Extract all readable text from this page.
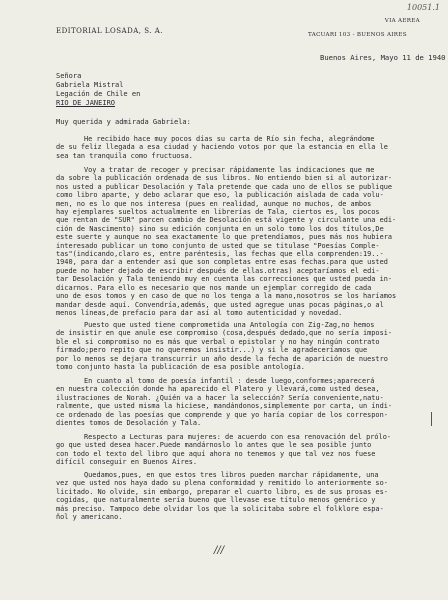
10051.1
EDITORIAL LOSADA, S. A.
VIA AEREA
TACUARI 103 - BUENOS AIRES
Buenos Aires, Mayo 11 de 1940
Señora
Gabriela Mistral
Legación de Chile en
RIO DE JANEIRO
Muy querida y admirada Gabriela:
He recibido hace muy pocos días su carta de Río sin fecha, alegrándome
de su feliz llegada a esa ciudad y haciendo votos por que la estancia en ella le
sea tan tranquila como fructuosa.
Voy a tratar de recoger y precisar rápidamente las indicaciones que me
da sobre la publicación ordenada de sus libros. No entiendo bien si al autorizar-
nos usted a publicar Desolación y Tala pretende que cada uno de ellos se publique
como libro aparte, y debo aclarar que eso, la publicación aislada de cada volu-
men, no es lo que nos interesa (pues en realidad, aunque no muchos, de ambos
hay ejemplares sueltos actualmente en librerías de Tala, ciertos es, los pocos
que rentan de "SUR" parcen cambio de Desolación está vigente y circulante una edi-
ción de Nascimento) sino su edición conjunta en un solo tomo los dos títulos,De
este suerte y aunque no sea exactamente lo que pretendíamos, pues más nos hubiera
interesado publicar un tomo conjunto de usted que se titulase "Poesías Comple-
tas"(indicando,claro es, entre paréntesis, las fechas que ella comprenden:19..-
1940, para dar a entender así que son completas entre esas fechas.para que usted
puede no haber dejado de escribir después de ellas.otras) aceptaríamos el edi-
tar Desolación y Tala teniendo muy en cuenta las correcciones que usted pueda in-
dicarnos. Para ello es necesario que nos mande un ejemplar corregido de cada
uno de esos tomos y en caso de que no los tenga a la mano,nosotros se los haríamos
mandar desde aquí. Convendría,además, que usted agregue unas pocas páginas,o al
menos líneas,de prefacio para dar así al tomo autenticidad y novedad.
Puesto que usted tiene comprometida una Antología con Zig-Zag,no hemos
de insistir en que anule ese compromiso (cosa,después dedado,que no sería imposi-
ble el si compromiso no es más que verbal o epistolar y no hay ningún contrato
firmado;pero repito que no queremos insistir...) y si le agradeceríamos que
por lo menos se dejara transcurrir un año desde la fecha de aparición de nuestro
tomo conjunto hasta la publicación de esa posible antología.
En cuanto al tomo de poesía infantil : desde luego,conformes;aparecerá
en nuestra colección donde ha aparecido el Platero y llevará,como usted desea,
ilustraciones de Norah. ¿Quién va a hacer la selección? Sería conveniente,natu-
ralmente, que usted misma la hiciese, mandándonos,simplemente por carta, un índi-
ce ordenado de las poesías que comprende y que yo haría copiar de los correspon-
dientes tomos de Desolación y Tala.
Respecto a Lecturas para mujeres: de acuerdo con esa renovación del prólo-
go que usted desea hacer.Puede mandárnoslo lo antes que le sea posible junto
con todo el texto del libro que aquí ahora no tenemos y que tal vez nos fuese
difícil conseguir en Buenos Aires.
Quedamos,pues, en que estos tres libros pueden marchar rápidamente, una
vez que usted nos haya dado su plena conformidad y remitido lo anteriormente so-
licitado. No olvide, sin embargo, preparar el cuarto libro, es de sus prosas es-
cogidas, que naturalmente sería bueno que llevase ese título menos genérico y
más preciso. Tampoco debe olvidar los que la solicitaba sobre el folklore espa-
ñol y americano.
///
